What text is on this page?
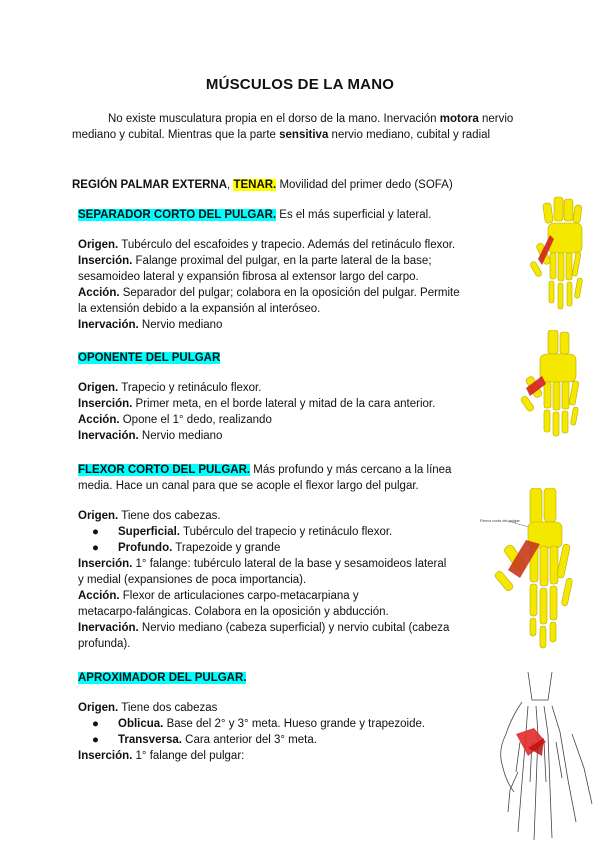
MÚSCULOS DE LA MANO
No existe musculatura propia en el dorso de la mano. Inervación motora nervio mediano y cubital. Mientras que la parte sensitiva nervio mediano, cubital y radial
REGIÓN PALMAR EXTERNA, TENAR. Movilidad del primer dedo (SOFA)

SEPARADOR CORTO DEL PULGAR. Es el más superficial y lateral.

Origen. Tubérculo del escafoides y trapecio. Además del retináculo flexor.

Inserción. Falange proximal del pulgar, en la parte lateral de la base;

sesamoideo lateral y expansión fibrosa al extensor largo del carpo.

Acción. Separador del pulgar; colabora en la oposición del pulgar. Permite

la extensión debido a la expansión al interóseo.

Inervación. Nervio mediano

OPONENTE DEL PULGAR

Origen. Trapecio y retináculo flexor.

Inserción. Primer meta, en el borde lateral y mitad de la cara anterior.

Acción. Opone el 1° dedo, realizando

Inervación. Nervio mediano

FLEXOR CORTO DEL PULGAR. Más profundo y más cercano a la línea

media. Hace un canal para que se acople el flexor largo del pulgar.

Origen. Tiene dos cabezas.

● Superficial. Tubérculo del trapecio y retináculo flexor.

● Profundo. Trapezoide y grande

Inserción. 1° falange: tubérculo lateral de la base y sesamoideos lateral

y medial (expansiones de poca importancia).

Acción. Flexor de articulaciones carpo-metacarpiana y

metacarpo-falángicas. Colabora en la oposición y abducción.

Inervación. Nervio mediano (cabeza superficial) y nervio cubital (cabeza

profunda).

APROXIMADOR DEL PULGAR.

Origen. Tiene dos cabezas

● Oblicua. Base del 2° y 3° meta. Hueso grande y trapezoide.

● Transversa. Cara anterior del 3° meta.

Inserción. 1° falange del pulgar:

Flexor corto del pulgar
